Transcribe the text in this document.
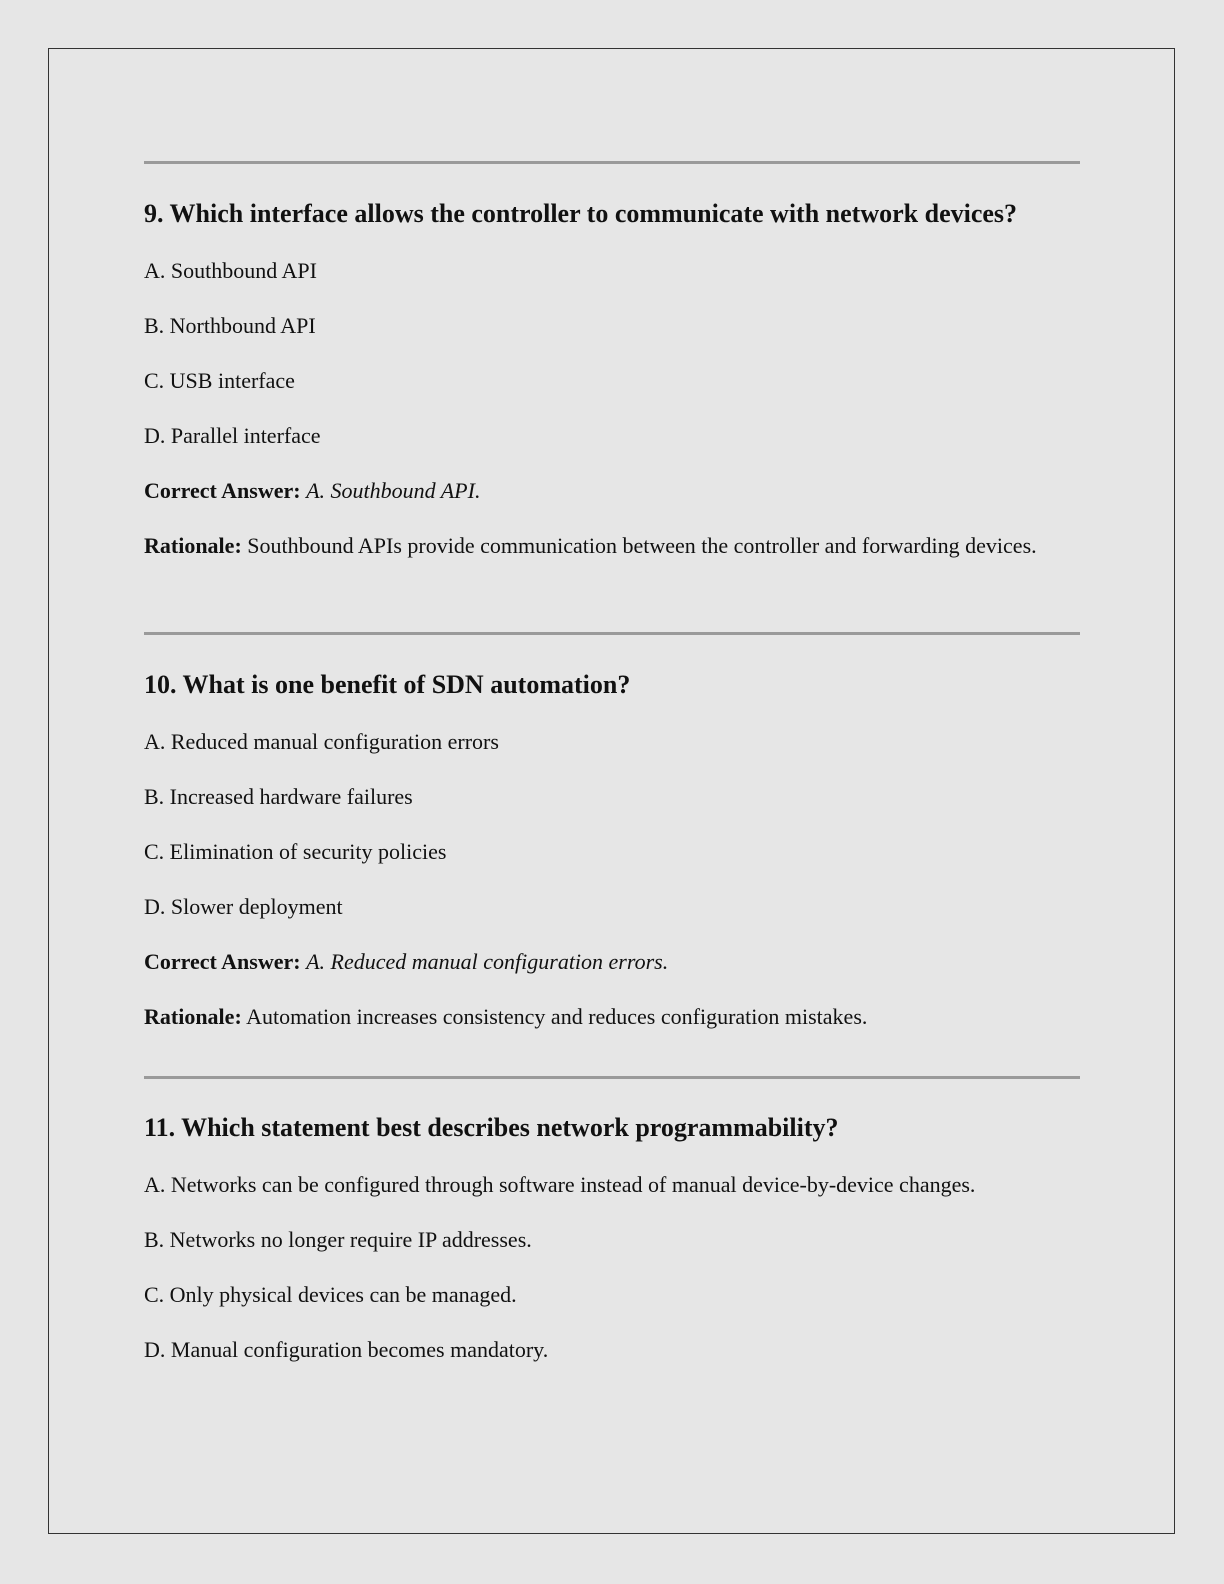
9. Which interface allows the controller to communicate with network devices?
A. Southbound API
B. Northbound API
C. USB interface
D. Parallel interface
Correct Answer: A. Southbound API.
Rationale: Southbound APIs provide communication between the controller and forwarding devices.
10. What is one benefit of SDN automation?
A. Reduced manual configuration errors
B. Increased hardware failures
C. Elimination of security policies
D. Slower deployment
Correct Answer: A. Reduced manual configuration errors.
Rationale: Automation increases consistency and reduces configuration mistakes.
11. Which statement best describes network programmability?
A. Networks can be configured through software instead of manual device-by-device changes.
B. Networks no longer require IP addresses.
C. Only physical devices can be managed.
D. Manual configuration becomes mandatory.
